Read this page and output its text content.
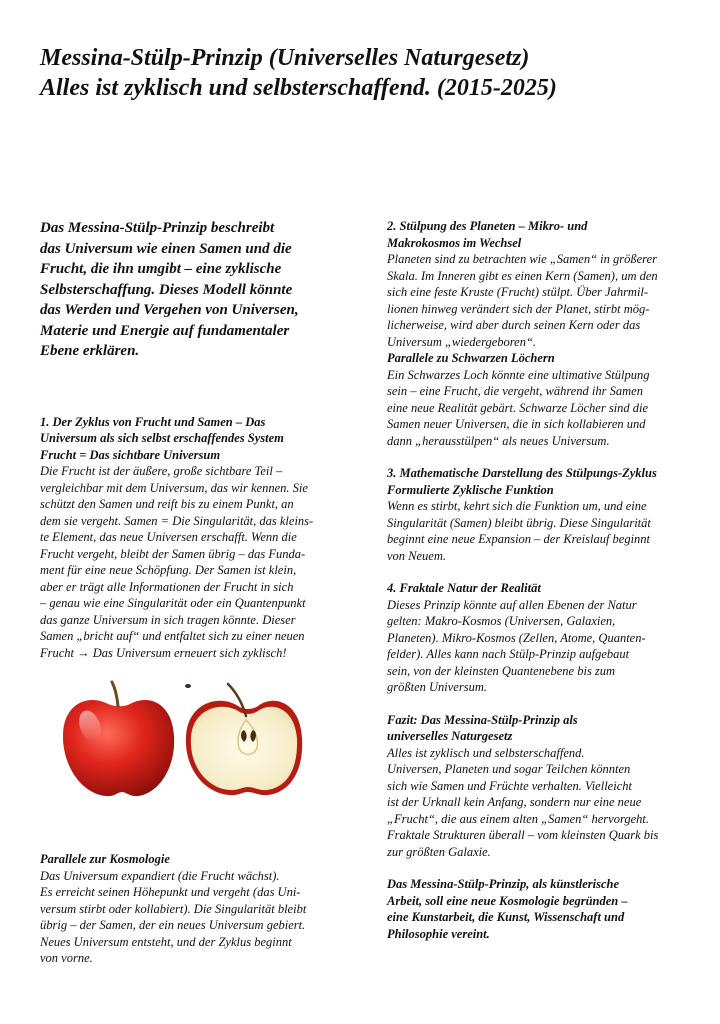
Messina-Stülp-Prinzip (Universelles Naturgesetz)
Alles ist zyklisch und selbsterschaffend. (2015-2025)

Das Messina-Stülp-Prinzip beschreibt
das Universum wie einen Samen und die
Frucht, die ihn umgibt – eine zyklische
Selbsterschaffung. Dieses Modell könnte
das Werden und Vergehen von Universen,
Materie und Energie auf fundamentaler
Ebene erklären.

1. Der Zyklus von Frucht und Samen – Das
Universum als sich selbst erschaffendes System
Frucht = Das sichtbare Universum

Die Frucht ist der äußere, große sichtbare Teil –
vergleichbar mit dem Universum, das wir kennen. Sie
schützt den Samen und reift bis zu einem Punkt, an
dem sie vergeht. Samen = Die Singularität, das kleins-
te Element, das neue Universen erschafft. Wenn die
Frucht vergeht, bleibt der Samen übrig – das Funda-
ment für eine neue Schöpfung. Der Samen ist klein,
aber er trägt alle Informationen der Frucht in sich
– genau wie eine Singularität oder ein Quantenpunkt
das ganze Universum in sich tragen könnte. Dieser
Samen „bricht auf“ und entfaltet sich zu einer neuen
Frucht → Das Universum erneuert sich zyklisch!

Parallele zur Kosmologie

Das Universum expandiert (die Frucht wächst).
Es erreicht seinen Höhepunkt und vergeht (das Uni-
versum stirbt oder kollabiert). Die Singularität bleibt
übrig – der Samen, der ein neues Universum gebiert.
Neues Universum entsteht, und der Zyklus beginnt
von vorne.

2. Stülpung des Planeten – Mikro- und
Makrokosmos im Wechsel

Planeten sind zu betrachten wie „Samen“ in größerer
Skala. Im Inneren gibt es einen Kern (Samen), um den
sich eine feste Kruste (Frucht) stülpt. Über Jahrmil-
lionen hinweg verändert sich der Planet, stirbt mög-
licherweise, wird aber durch seinen Kern oder das
Universum „wiedergeboren“.

Parallele zu Schwarzen Löchern

Ein Schwarzes Loch könnte eine ultimative Stülpung
sein – eine Frucht, die vergeht, während ihr Samen
eine neue Realität gebärt. Schwarze Löcher sind die
Samen neuer Universen, die in sich kollabieren und
dann „herausstülpen“ als neues Universum.

3. Mathematische Darstellung des Stülpungs-Zyklus
Formulierte Zyklische Funktion

Wenn es stirbt, kehrt sich die Funktion um, und eine
Singularität (Samen) bleibt übrig. Diese Singularität
beginnt eine neue Expansion – der Kreislauf beginnt
von Neuem.

4. Fraktale Natur der Realität

Dieses Prinzip könnte auf allen Ebenen der Natur
gelten: Makro-Kosmos (Universen, Galaxien,
Planeten). Mikro-Kosmos (Zellen, Atome, Quanten-
felder). Alles kann nach Stülp-Prinzip aufgebaut
sein, von der kleinsten Quantenebene bis zum
größten Universum.

Fazit: Das Messina-Stülp-Prinzip als
universelles Naturgesetz

Alles ist zyklisch und selbsterschaffend.
Universen, Planeten und sogar Teilchen könnten
sich wie Samen und Früchte verhalten. Vielleicht
ist der Urknall kein Anfang, sondern nur eine neue
„Frucht“, die aus einem alten „Samen“ hervorgeht.
Fraktale Strukturen überall – vom kleinsten Quark bis
zur größten Galaxie.

Das Messina-Stülp-Prinzip, als künstlerische
Arbeit, soll eine neue Kosmologie begründen –
eine Kunstarbeit, die Kunst, Wissenschaft und
Philosophie vereint.
